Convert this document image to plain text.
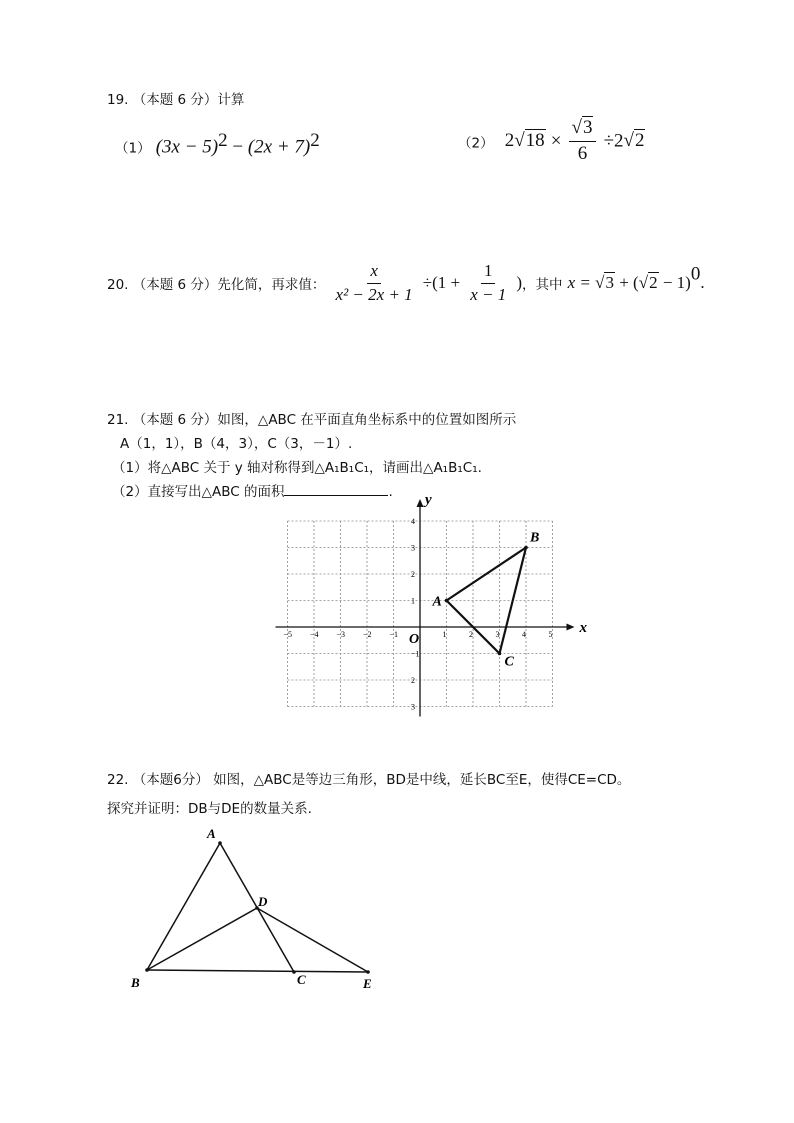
19. （本题 6 分）计算
（1） $(3x - 5)^2 - (2x + 7)^2$	（2） $2√18 \times \frac{√3}{6} \div 2√2$
20. （本题 6 分）先化简，再求值： $\frac{x}{\text{x² − 2x + 1}} \div(1 + \frac{1}{x - 1}$ )，其中 $x = √3 + (√2 - 1)^0$.
21. （本题 6 分）如图，△ABC 在平面直角坐标系中的位置如图所示
A（1，1），B（4，3），C（3，－1）.
（1）将△ABC 关于 y 轴对称得到△A₁B₁C₁，请画出△A₁B₁C₁.
（2）直接写出△ABC 的面积	.
x
y
O
−5 −4 −3 −2 −1	1	2	3	4	5
4
3
2
1
−1
2
3
A
B
C
22. （本题6分） 如图，△ABC是等边三角形，BD是中线，延长BC至E，使得CE=CD。
探究并证明：DB与DE的数量关系.
A
B	C
D
E
